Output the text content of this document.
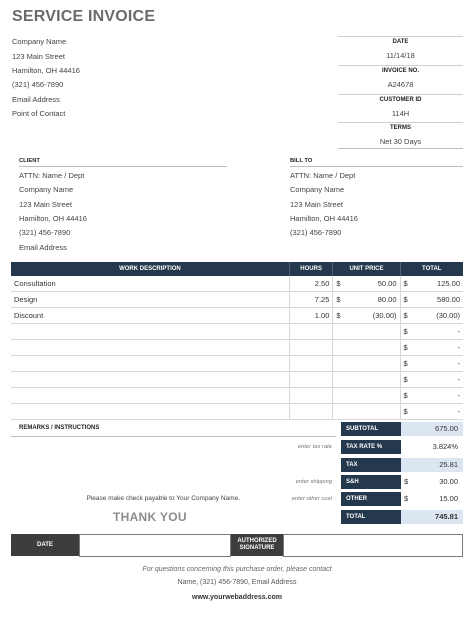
SERVICE INVOICE
Company Name
123 Main Street
Hamilton, OH 44416
(321) 456-7890
Email Address
Point of Contact
DATE
11/14/18
INVOICE NO.
A24678
CUSTOMER ID
114H
TERMS
Net 30 Days
CLIENT
ATTN: Name / Dept
Company Name
123 Main Street
Hamilton, OH 44416
(321) 456-7890
Email Address
BILL TO
ATTN: Name / Dept
Company Name
123 Main Street
Hamilton, OH 44416
(321) 456-7890
WORK DESCRIPTION	HOURS	UNIT PRICE		TOTAL	
Consultation	2.50	$	50.00	$	125.00
Design	7.25	$	80.00	$	580.00
Discount	1.00	$	(30.00)	$	(30.00)
				$	-
				$	-
				$	-
				$	-
				$	-
				$	-
REMARKS / INSTRUCTIONS	SUBTOTAL	675.00
enter tax rate	TAX RATE %	3.824%
TAX	25.81
enter shipping	S&H	$	30.00
enter other cost	OTHER	$	15.00
TOTAL	745.81
Please make check payable to Your Company Name.
THANK YOU
DATE
AUTHORIZED
SIGNATURE
For questions concerning this purchase order, please contact
Name, (321) 456-7890, Email Address
www.yourwebaddress.com
